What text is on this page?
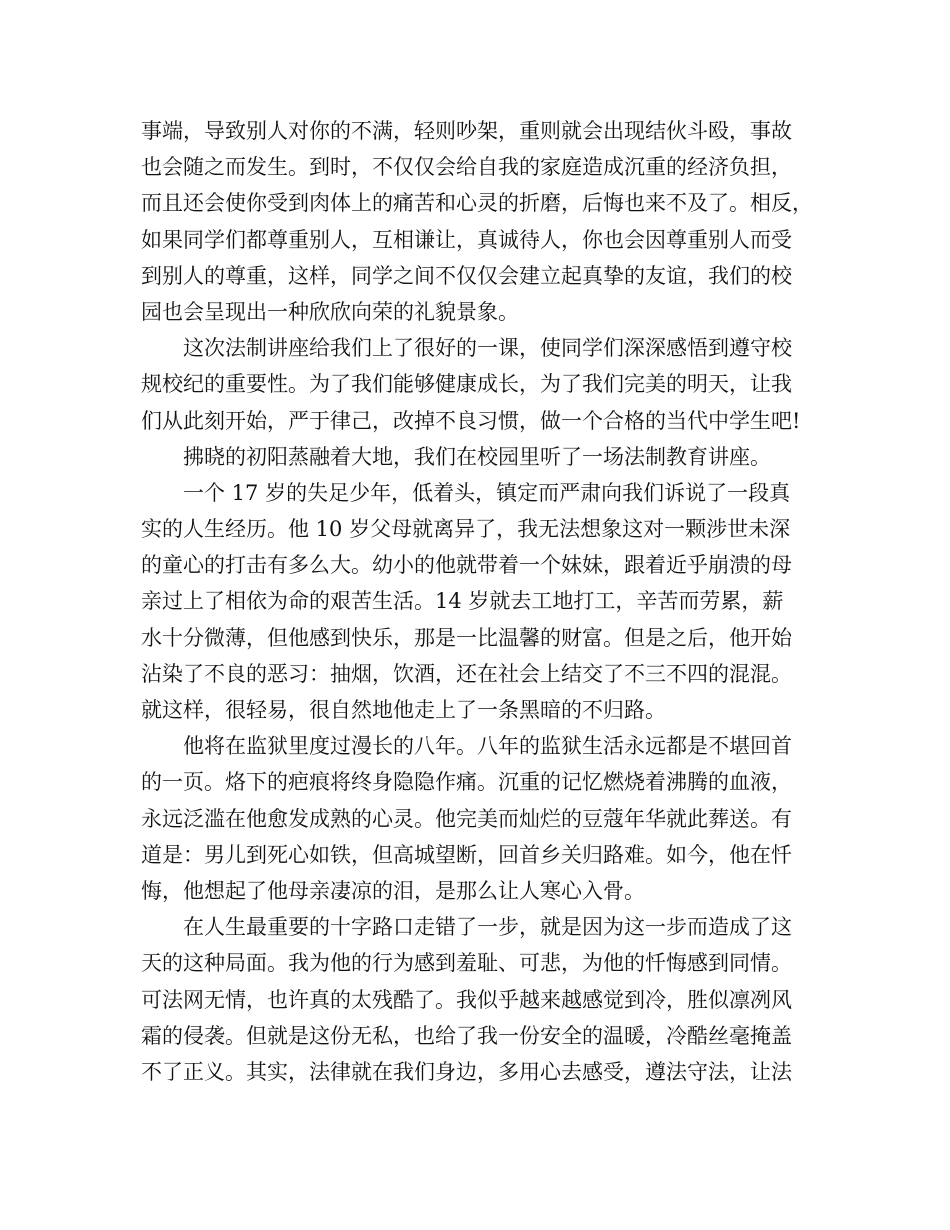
事端，导致别人对你的不满，轻则吵架，重则就会出现结伙斗殴，事故
也会随之而发生。到时，不仅仅会给自我的家庭造成沉重的经济负担，
而且还会使你受到肉体上的痛苦和心灵的折磨，后悔也来不及了。相反，
如果同学们都尊重别人，互相谦让，真诚待人，你也会因尊重别人而受
到别人的尊重，这样，同学之间不仅仅会建立起真挚的友谊，我们的校
园也会呈现出一种欣欣向荣的礼貌景象。
　　这次法制讲座给我们上了很好的一课，使同学们深深感悟到遵守校
规校纪的重要性。为了我们能够健康成长，为了我们完美的明天，让我
们从此刻开始，严于律己，改掉不良习惯，做一个合格的当代中学生吧!
　　拂晓的初阳蒸融着大地，我们在校园里听了一场法制教育讲座。
　　一个 17 岁的失足少年，低着头，镇定而严肃向我们诉说了一段真
实的人生经历。他 10 岁父母就离异了，我无法想象这对一颗涉世未深
的童心的打击有多么大。幼小的他就带着一个妹妹，跟着近乎崩溃的母
亲过上了相依为命的艰苦生活。14 岁就去工地打工，辛苦而劳累，薪
水十分微薄，但他感到快乐，那是一比温馨的财富。但是之后，他开始
沾染了不良的恶习：抽烟，饮酒，还在社会上结交了不三不四的混混。
就这样，很轻易，很自然地他走上了一条黑暗的不归路。
　　他将在监狱里度过漫长的八年。八年的监狱生活永远都是不堪回首
的一页。烙下的疤痕将终身隐隐作痛。沉重的记忆燃烧着沸腾的血液，
永远泛滥在他愈发成熟的心灵。他完美而灿烂的豆蔻年华就此葬送。有
道是：男儿到死心如铁，但高城望断，回首乡关归路难。如今，他在忏
悔，他想起了他母亲凄凉的泪，是那么让人寒心入骨。
　　在人生最重要的十字路口走错了一步，就是因为这一步而造成了这
天的这种局面。我为他的行为感到羞耻、可悲，为他的忏悔感到同情。
可法网无情，也许真的太残酷了。我似乎越来越感觉到冷，胜似凛冽风
霜的侵袭。但就是这份无私，也给了我一份安全的温暖，冷酷丝毫掩盖
不了正义。其实，法律就在我们身边，多用心去感受，遵法守法，让法
